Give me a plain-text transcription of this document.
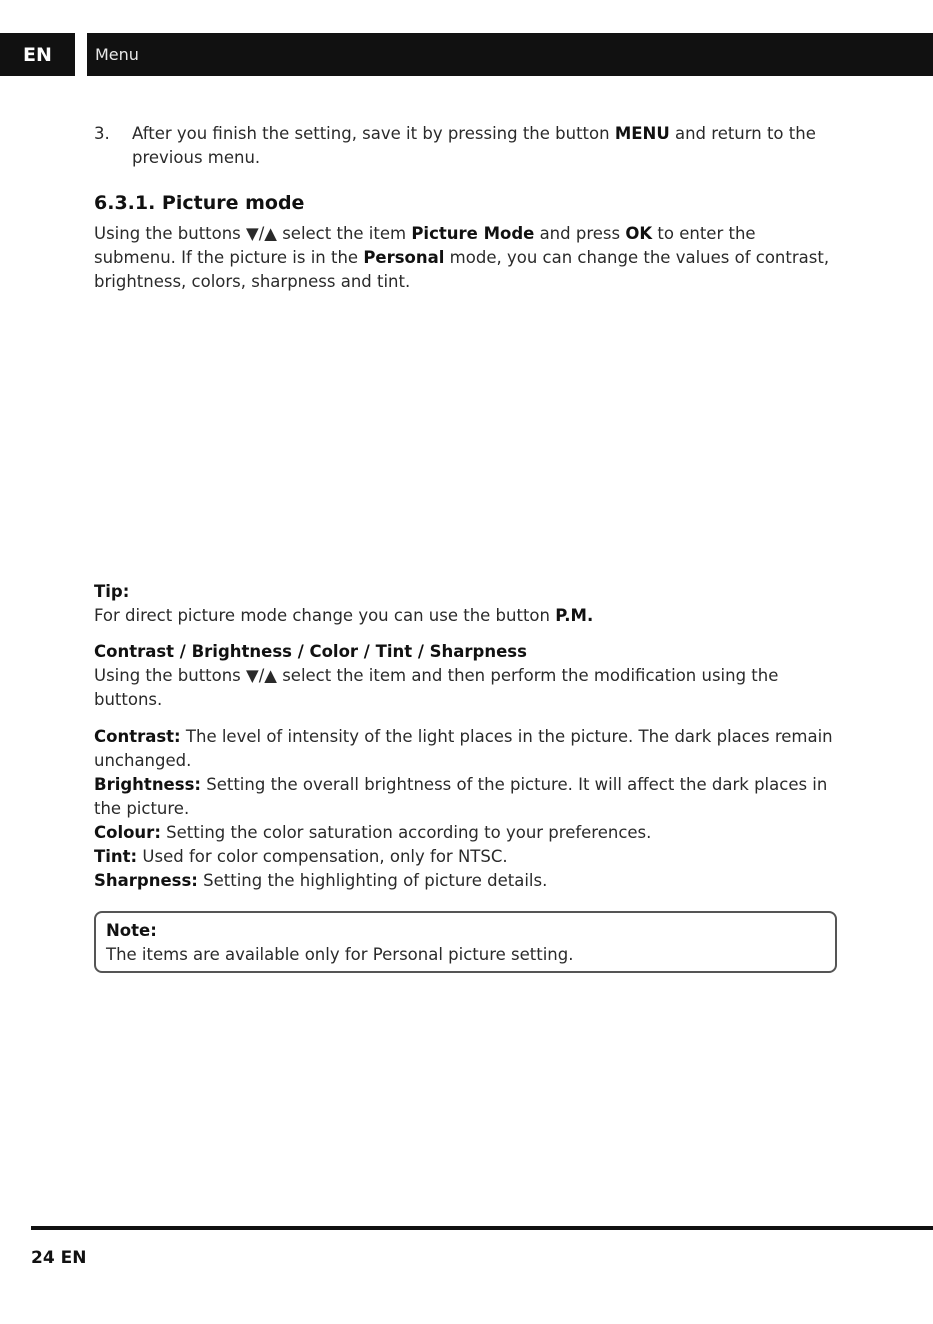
EN	Menu
3. After you finish the setting, save it by pressing the button MENU and return to the previous menu.
6.3.1. Picture mode
Using the buttons ▼/▲ select the item Picture Mode and press OK to enter the submenu. If the picture is in the Personal mode, you can change the values of contrast, brightness, colors, sharpness and tint.
Tip:
For direct picture mode change you can use the button P.M.
Contrast / Brightness / Color / Tint / Sharpness
Using the buttons ▼/▲ select the item and then perform the modification using the buttons.
Contrast: The level of intensity of the light places in the picture. The dark places remain unchanged.
Brightness: Setting the overall brightness of the picture. It will affect the dark places in the picture.
Colour: Setting the color saturation according to your preferences.
Tint: Used for color compensation, only for NTSC.
Sharpness: Setting the highlighting of picture details.
Note:
The items are available only for Personal picture setting.
24 EN
